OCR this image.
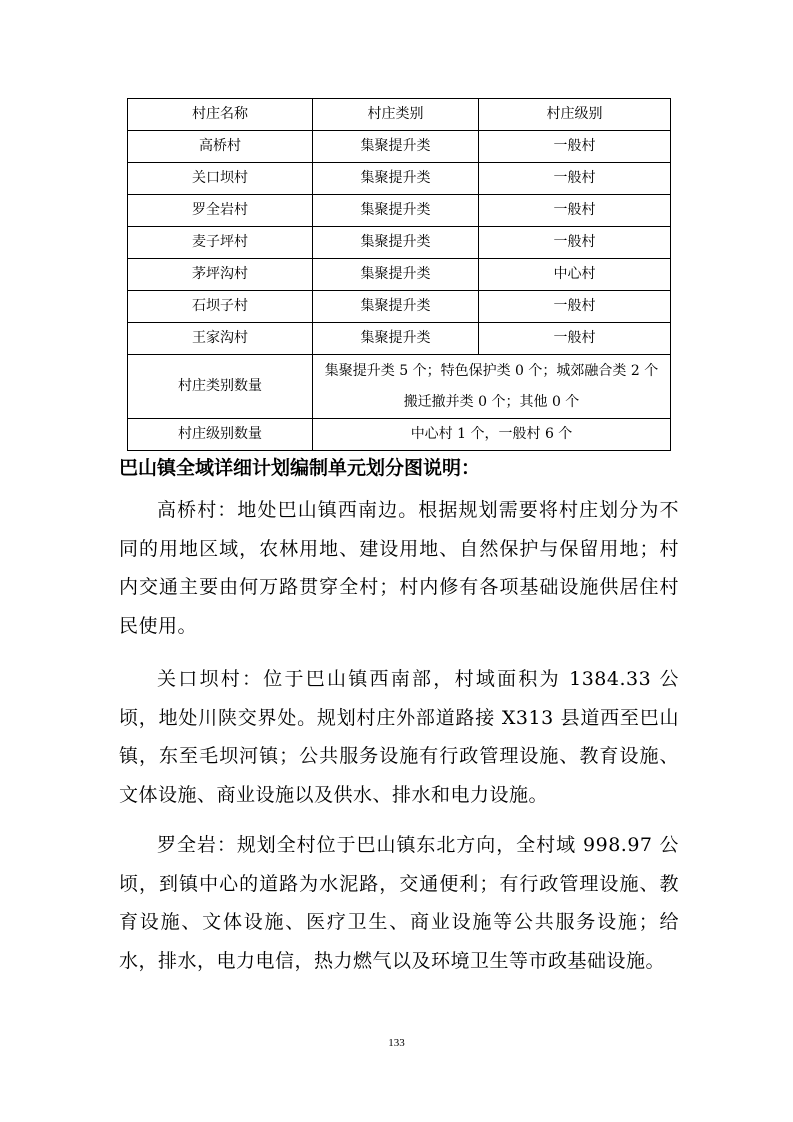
村庄名称	村庄类别	村庄级别
高桥村	集聚提升类	一般村
关口坝村	集聚提升类	一般村
罗全岩村	集聚提升类	一般村
麦子坪村	集聚提升类	一般村
茅坪沟村	集聚提升类	中心村
石坝子村	集聚提升类	一般村
王家沟村	集聚提升类	一般村
村庄类别数量	集聚提升类 5 个；特色保护类 0 个；城郊融合类 2 个
搬迁撤并类 0 个；其他 0 个	

村庄级别数量	中心村 1 个，一般村 6 个	
巴山镇全域详细计划编制单元划分图说明：

高桥村：地处巴山镇西南边。根据规划需要将村庄划分为不同的用地区域，农林用地、建设用地、自然保护与保留用地；村内交通主要由何万路贯穿全村；村内修有各项基础设施供居住村民使用。

关口坝村：位于巴山镇西南部，村域面积为 1384.33 公顷，地处川陕交界处。规划村庄外部道路接 X313 县道西至巴山镇，东至毛坝河镇；公共服务设施有行政管理设施、教育设施、文体设施、商业设施以及供水、排水和电力设施。

罗全岩：规划全村位于巴山镇东北方向，全村域 998.97 公顷，到镇中心的道路为水泥路，交通便利；有行政管理设施、教育设施、文体设施、医疗卫生、商业设施等公共服务设施；给水，排水，电力电信，热力燃气以及环境卫生等市政基础设施。

133
